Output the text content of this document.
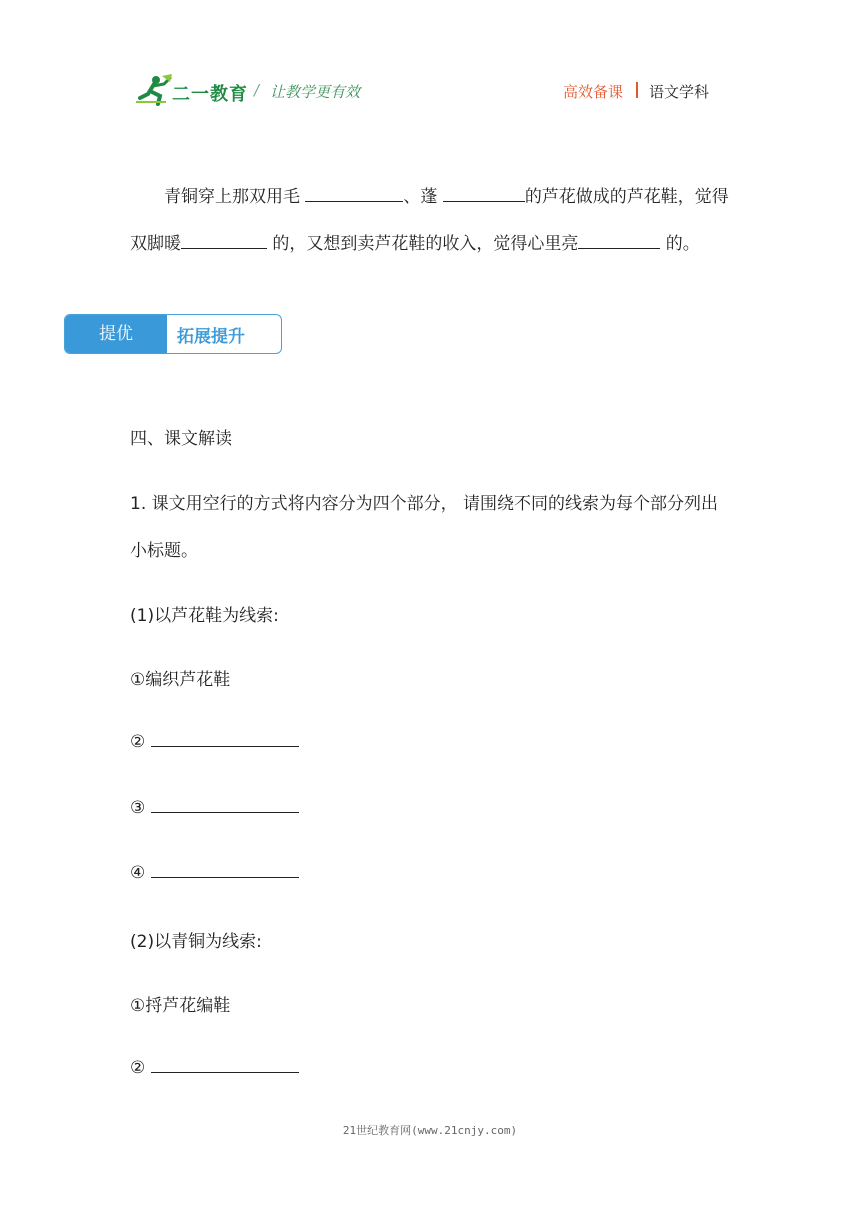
二一教育 / 让教学更有效	高效备课 语文学科
青铜穿上那双用毛	、蓬	的芦花做成的芦花鞋，觉得
双脚暖	的，又想到卖芦花鞋的收入，觉得心里亮	的。
提优	拓展提升
四、课文解读
1. 课文用空行的方式将内容分为四个部分， 请围绕不同的线索为每个部分列出
小标题。
(1)以芦花鞋为线索:
①编织芦花鞋
②
③
④
(2)以青铜为线索:
①捋芦花编鞋
②
21世纪教育网(www.21cnjy.com)
